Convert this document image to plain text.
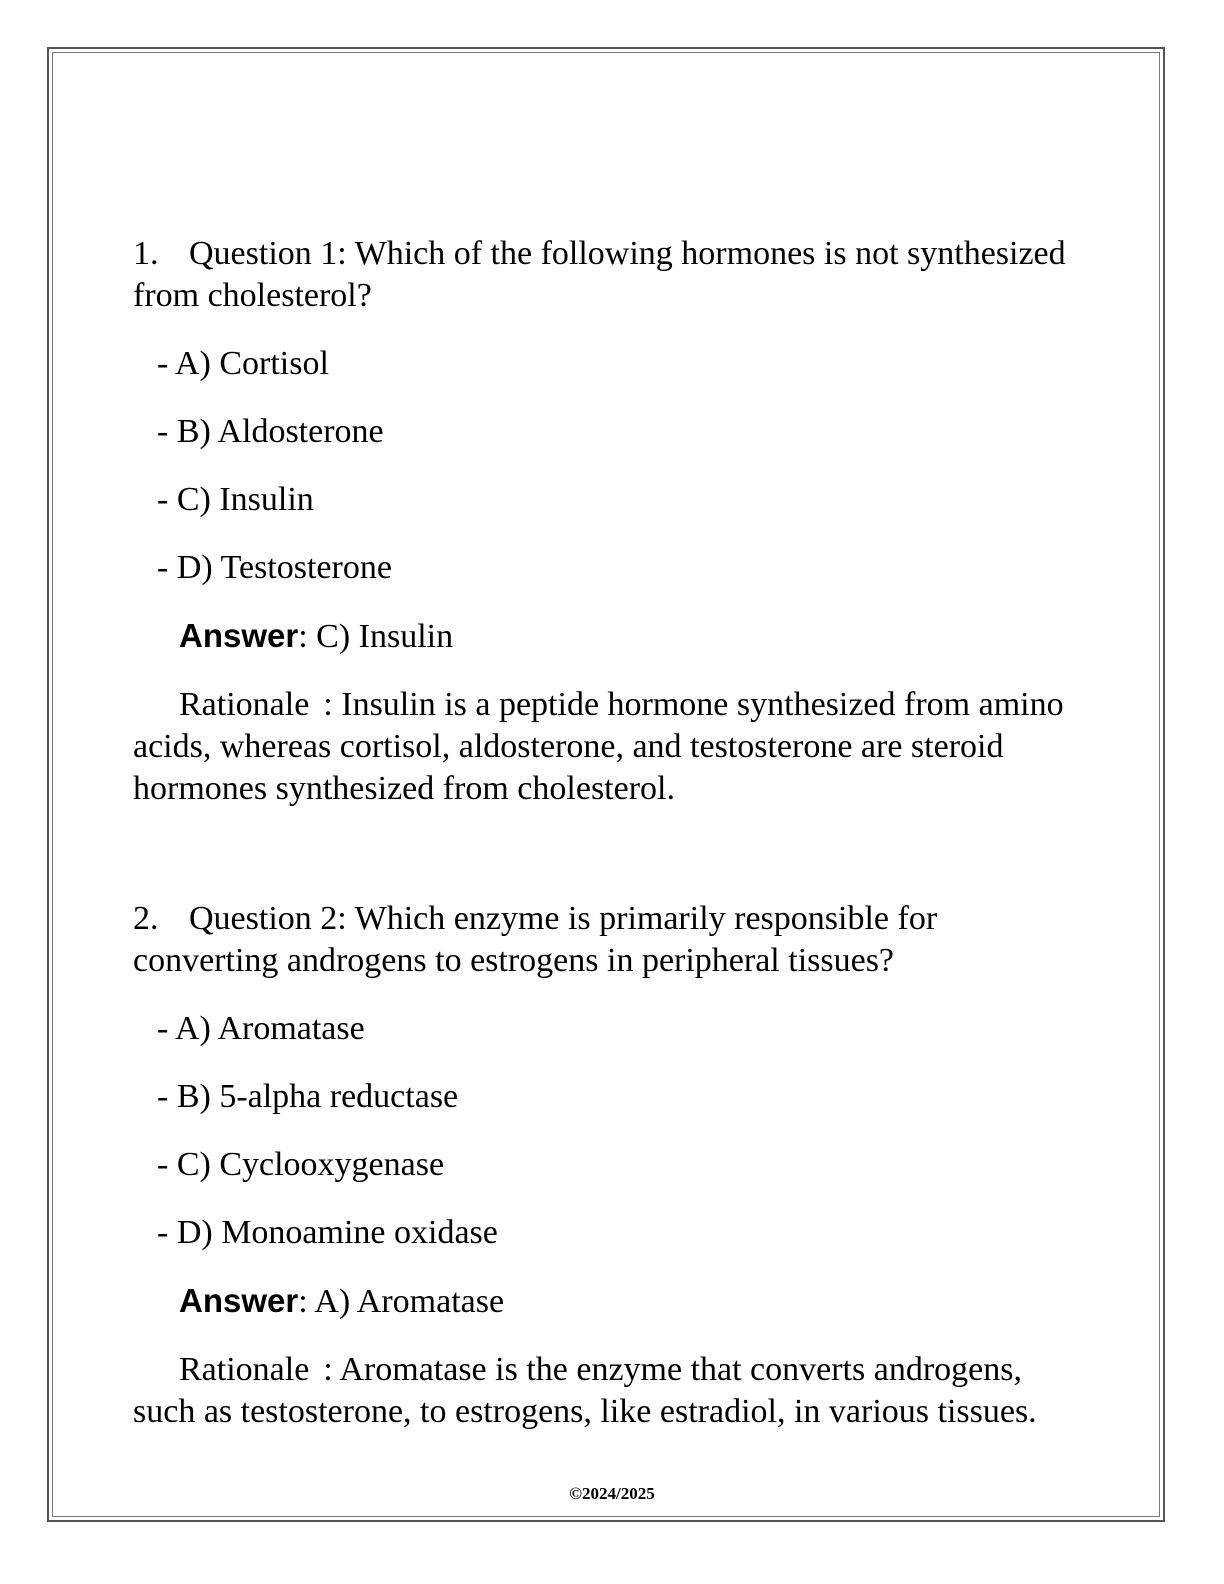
1. Question 1: Which of the following hormones is not synthesized from cholesterol?

- A) Cortisol
- B) Aldosterone
- C) Insulin
- D) Testosterone
Answer: C) Insulin

Rationale : Insulin is a peptide hormone synthesized from amino acids, whereas cortisol, aldosterone, and testosterone are steroid hormones synthesized from cholesterol.

2. Question 2: Which enzyme is primarily responsible for converting androgens to estrogens in peripheral tissues?

- A) Aromatase
- B) 5-alpha reductase
- C) Cyclooxygenase
- D) Monoamine oxidase
Answer: A) Aromatase

Rationale : Aromatase is the enzyme that converts androgens, such as testosterone, to estrogens, like estradiol, in various tissues.

©2024/2025
